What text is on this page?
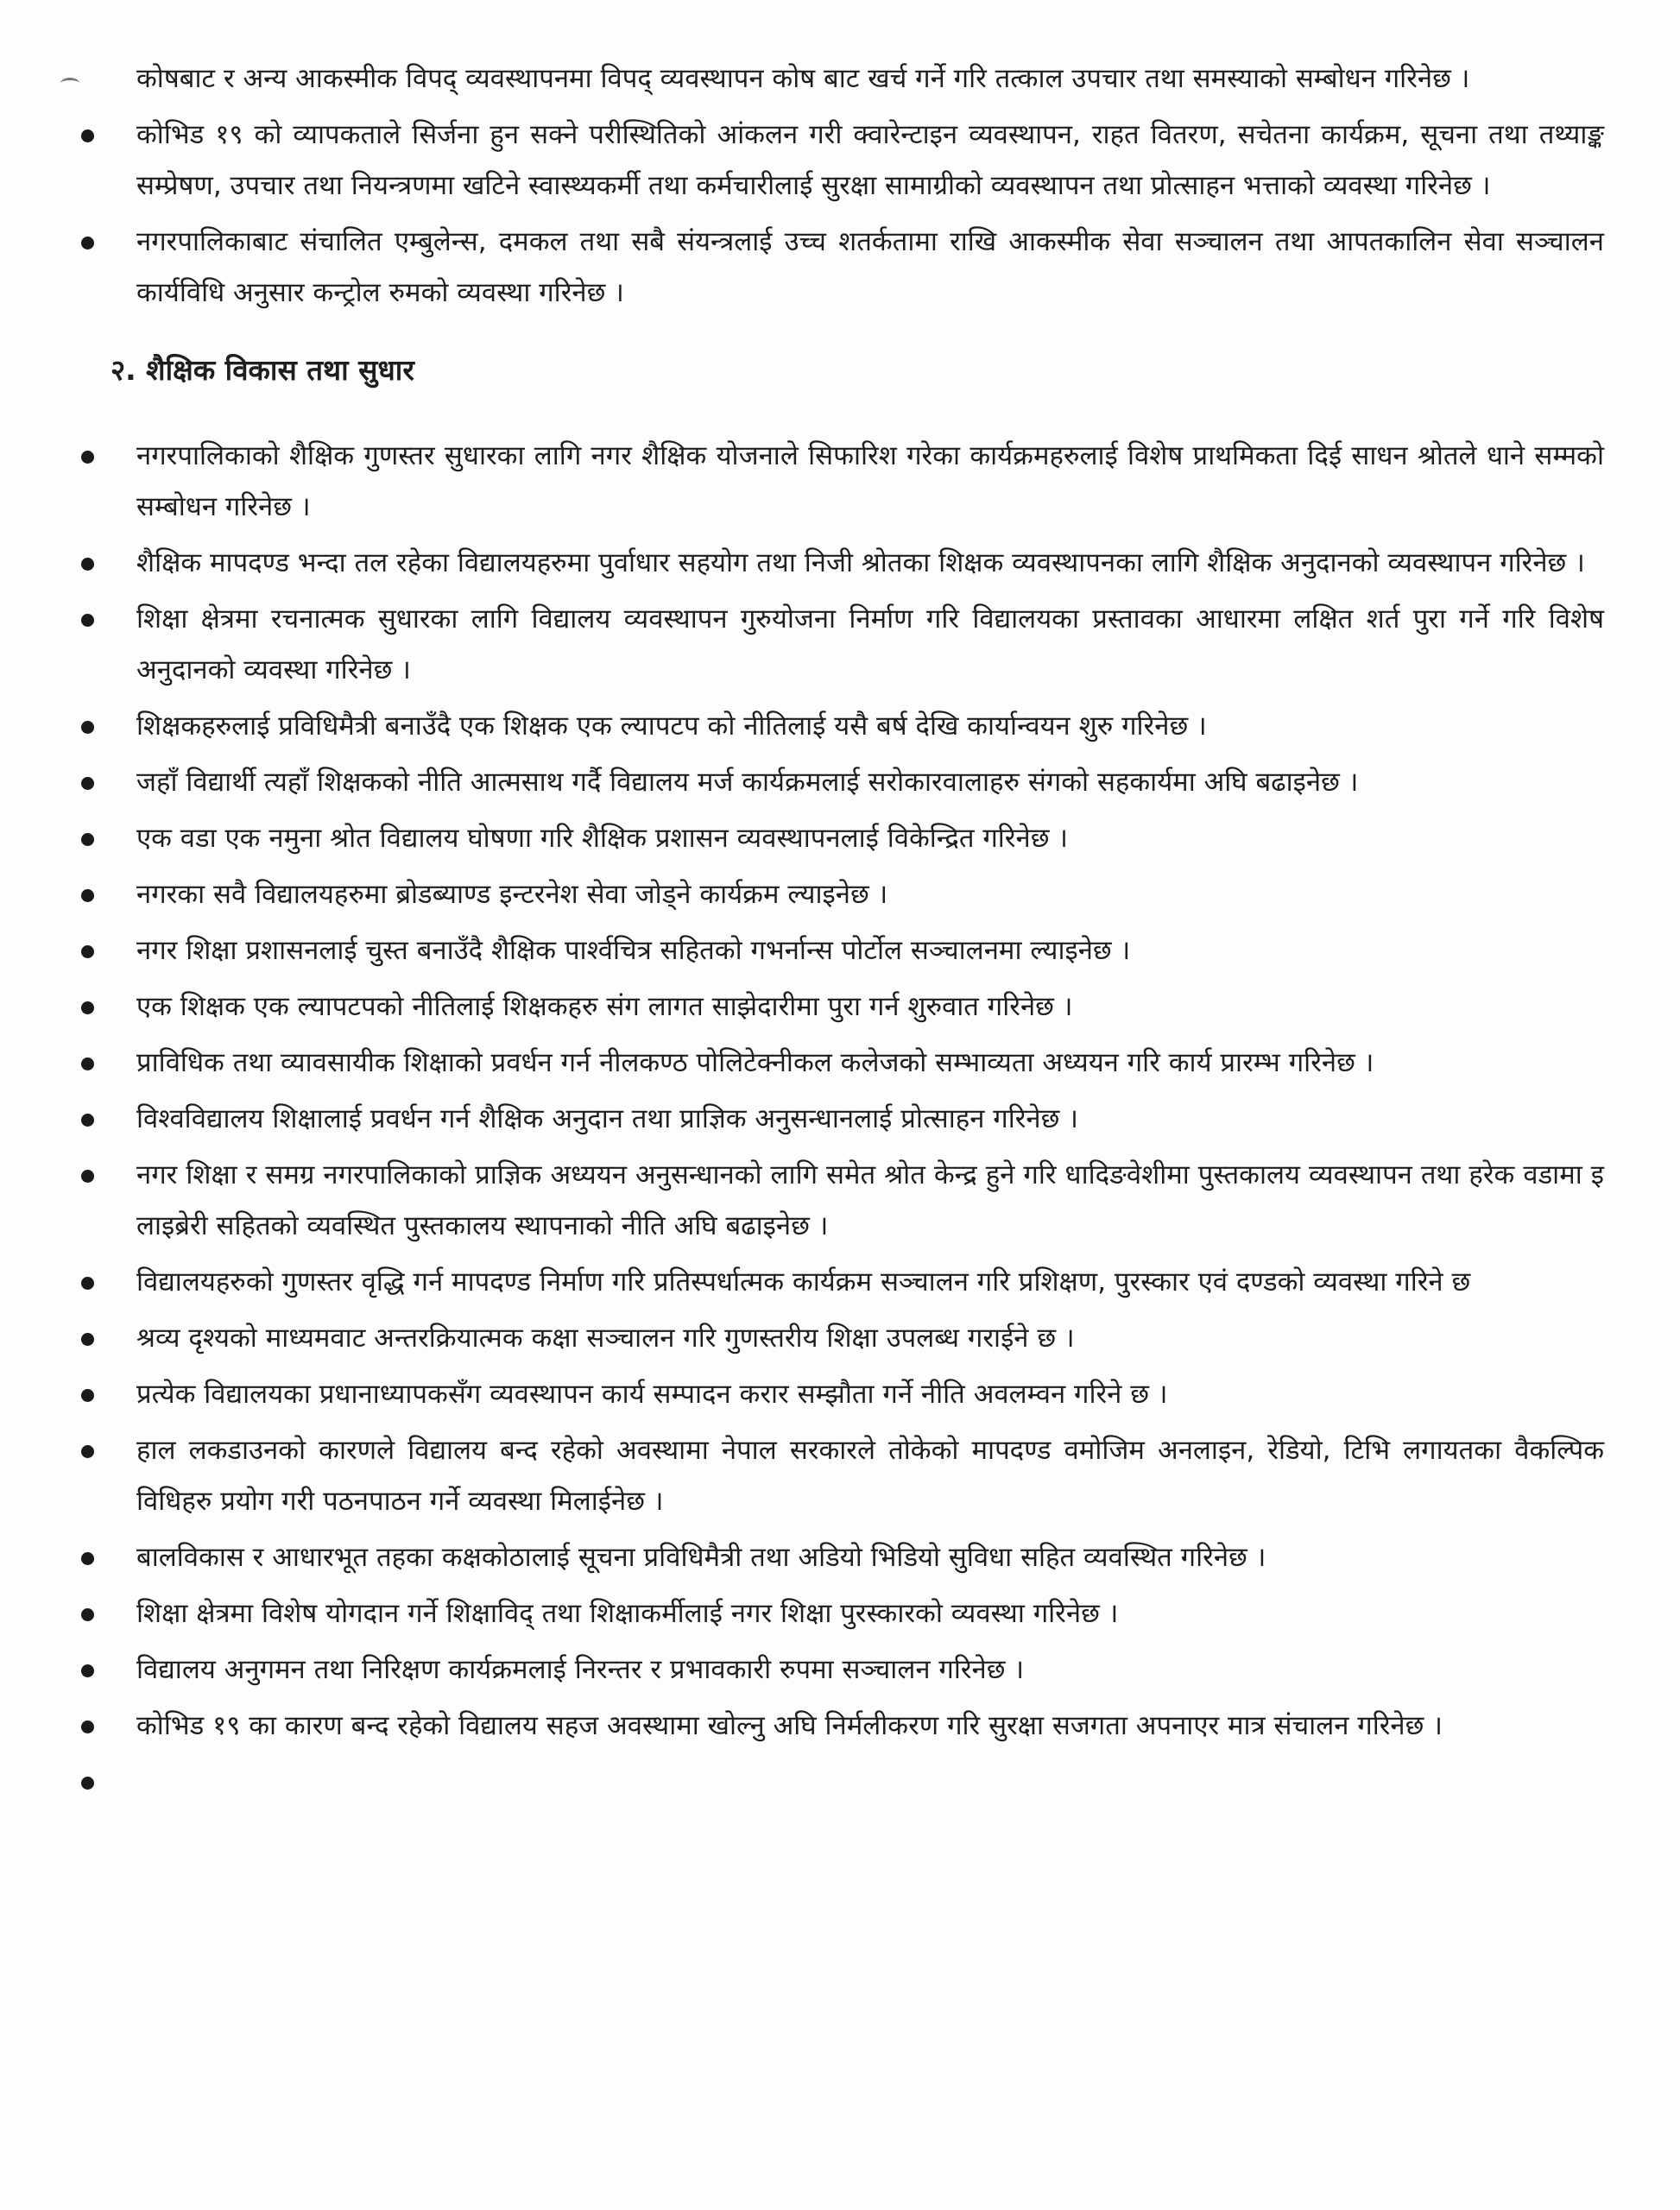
कोषबाट र अन्य आकस्मीक विपद् व्यवस्थापनमा विपद् व्यवस्थापन कोष बाट खर्च गर्ने गरि तत्काल उपचार तथा समस्याको सम्बोधन गरिनेछ ।

कोभिड १९ को व्यापकताले सिर्जना हुन सक्ने परीस्थितिको आंकलन गरी क्वारेन्टाइन व्यवस्थापन, राहत वितरण, सचेतना कार्यक्रम, सूचना तथा तथ्याङ्क सम्प्रेषण, उपचार तथा नियन्त्रणमा खटिने स्वास्थ्यकर्मी तथा कर्मचारीलाई सुरक्षा सामाग्रीको व्यवस्थापन तथा प्रोत्साहन भत्ताको व्यवस्था गरिनेछ ।

नगरपालिकाबाट संचालित एम्बुलेन्स, दमकल तथा सबै संयन्त्रलाई उच्च शतर्कतामा राखि आकस्मीक सेवा सञ्चालन तथा आपतकालिन सेवा सञ्चालन कार्यविधि अनुसार कन्ट्रोल रुमको व्यवस्था गरिनेछ ।

२. शैक्षिक विकास तथा सुधार

नगरपालिकाको शैक्षिक गुणस्तर सुधारका लागि नगर शैक्षिक योजनाले सिफारिश गरेका कार्यक्रमहरुलाई विशेष प्राथमिकता दिई साधन श्रोतले धाने सम्मको सम्बोधन गरिनेछ ।

शैक्षिक मापदण्ड भन्दा तल रहेका विद्यालयहरुमा पुर्वाधार सहयोग तथा निजी श्रोतका शिक्षक व्यवस्थापनका लागि शैक्षिक अनुदानको व्यवस्थापन गरिनेछ ।

शिक्षा क्षेत्रमा रचनात्मक सुधारका लागि विद्यालय व्यवस्थापन गुरुयोजना निर्माण गरि विद्यालयका प्रस्तावका आधारमा लक्षित शर्त पुरा गर्ने गरि विशेष अनुदानको व्यवस्था गरिनेछ ।

शिक्षकहरुलाई प्रविधिमैत्री बनाउँदै एक शिक्षक एक ल्यापटप को नीतिलाई यसै बर्ष देखि कार्यान्वयन शुरु गरिनेछ ।

जहाँ विद्यार्थी त्यहाँ शिक्षकको नीति आत्मसाथ गर्दै विद्यालय मर्ज कार्यक्रमलाई सरोकारवालाहरु संगको सहकार्यमा अघि बढाइनेछ ।

एक वडा एक नमुना श्रोत विद्यालय घोषणा गरि शैक्षिक प्रशासन व्यवस्थापनलाई विकेन्द्रित गरिनेछ ।

नगरका सवै विद्यालयहरुमा ब्रोडब्याण्ड इन्टरनेश सेवा जोड्ने कार्यक्रम ल्याइनेछ ।

नगर शिक्षा प्रशासनलाई चुस्त बनाउँदै शैक्षिक पार्श्वचित्र सहितको गभर्नान्स पोर्टोल सञ्चालनमा ल्याइनेछ ।

एक शिक्षक एक ल्यापटपको नीतिलाई शिक्षकहरु संग लागत साझेदारीमा पुरा गर्न शुरुवात गरिनेछ ।

प्राविधिक तथा व्यावसायीक शिक्षाको प्रवर्धन गर्न नीलकण्ठ पोलिटेक्नीकल कलेजको सम्भाव्यता अध्ययन गरि कार्य प्रारम्भ गरिनेछ ।

विश्वविद्यालय शिक्षालाई प्रवर्धन गर्न शैक्षिक अनुदान तथा प्राज्ञिक अनुसन्धानलाई प्रोत्साहन गरिनेछ ।

नगर शिक्षा र समग्र नगरपालिकाको प्राज्ञिक अध्ययन अनुसन्धानको लागि समेत श्रोत केन्द्र हुने गरि धादिङवेशीमा पुस्तकालय व्यवस्थापन तथा हरेक वडामा इ लाइब्रेरी सहितको व्यवस्थित पुस्तकालय स्थापनाको नीति अघि बढाइनेछ ।

विद्यालयहरुको गुणस्तर वृद्धि गर्न मापदण्ड निर्माण गरि प्रतिस्पर्धात्मक कार्यक्रम सञ्चालन गरि प्रशिक्षण, पुरस्कार एवं दण्डको व्यवस्था गरिने छ

श्रव्य दृश्यको माध्यमवाट अन्तरक्रियात्मक कक्षा सञ्चालन गरि गुणस्तरीय शिक्षा उपलब्ध गराईने छ ।

प्रत्येक विद्यालयका प्रधानाध्यापकसँग व्यवस्थापन कार्य सम्पादन करार सम्झौता गर्ने नीति अवलम्वन गरिने छ ।

हाल लकडाउनको कारणले विद्यालय बन्द रहेको अवस्थामा नेपाल सरकारले तोकेको मापदण्ड वमोजिम अनलाइन, रेडियो, टिभि लगायतका वैकल्पिक विधिहरु प्रयोग गरी पठनपाठन गर्ने व्यवस्था मिलाईनेछ ।

बालविकास र आधारभूत तहका कक्षकोठालाई सूचना प्रविधिमैत्री तथा अडियो भिडियो सुविधा सहित व्यवस्थित गरिनेछ ।

शिक्षा क्षेत्रमा विशेष योगदान गर्ने शिक्षाविद् तथा शिक्षाकर्मीलाई नगर शिक्षा पुरस्कारको व्यवस्था गरिनेछ ।

विद्यालय अनुगमन तथा निरिक्षण कार्यक्रमलाई निरन्तर र प्रभावकारी रुपमा सञ्चालन गरिनेछ ।

कोभिड १९ का कारण बन्द रहेको विद्यालय सहज अवस्थामा खोल्नु अघि निर्मलीकरण गरि सुरक्षा सजगता अपनाएर मात्र संचालन गरिनेछ ।
